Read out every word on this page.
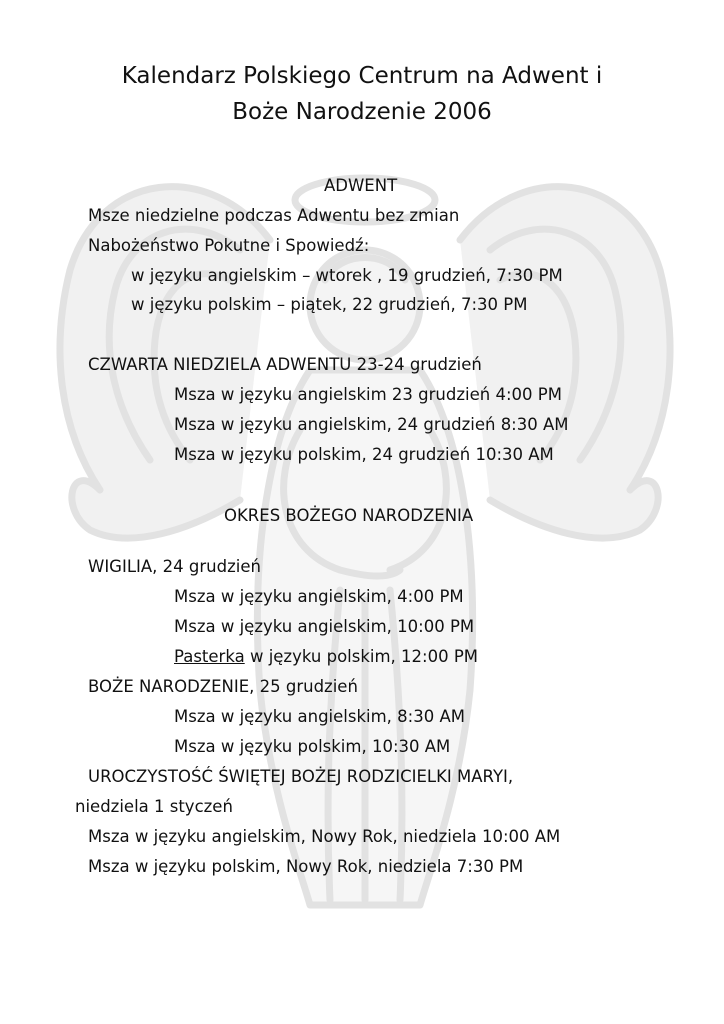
Kalendarz Polskiego Centrum na Adwent i
Boże Narodzenie 2006

ADWENT

Msze niedzielne podczas Adwentu bez zmian

Nabożeństwo Pokutne i Spowiedź:

w języku angielskim – wtorek , 19 grudzień, 7:30 PM

w języku polskim – piątek, 22 grudzień, 7:30 PM

CZWARTA NIEDZIELA ADWENTU 23-24 grudzień

Msza w języku angielskim 23 grudzień 4:00 PM

Msza w języku angielskim, 24 grudzień 8:30 AM

Msza w języku polskim, 24 grudzień 10:30 AM

OKRES BOŻEGO NARODZENIA

WIGILIA, 24 grudzień

Msza w języku angielskim, 4:00 PM

Msza w języku angielskim, 10:00 PM

Pasterka w języku polskim, 12:00 PM

BOŻE NARODZENIE, 25 grudzień

Msza w języku angielskim, 8:30 AM

Msza w języku polskim, 10:30 AM

UROCZYSTOŚĆ ŚWIĘTEJ BOŻEJ RODZICIELKI MARYI,

niedziela 1 styczeń

Msza w języku angielskim, Nowy Rok, niedziela 10:00 AM

Msza w języku polskim, Nowy Rok, niedziela 7:30 PM
